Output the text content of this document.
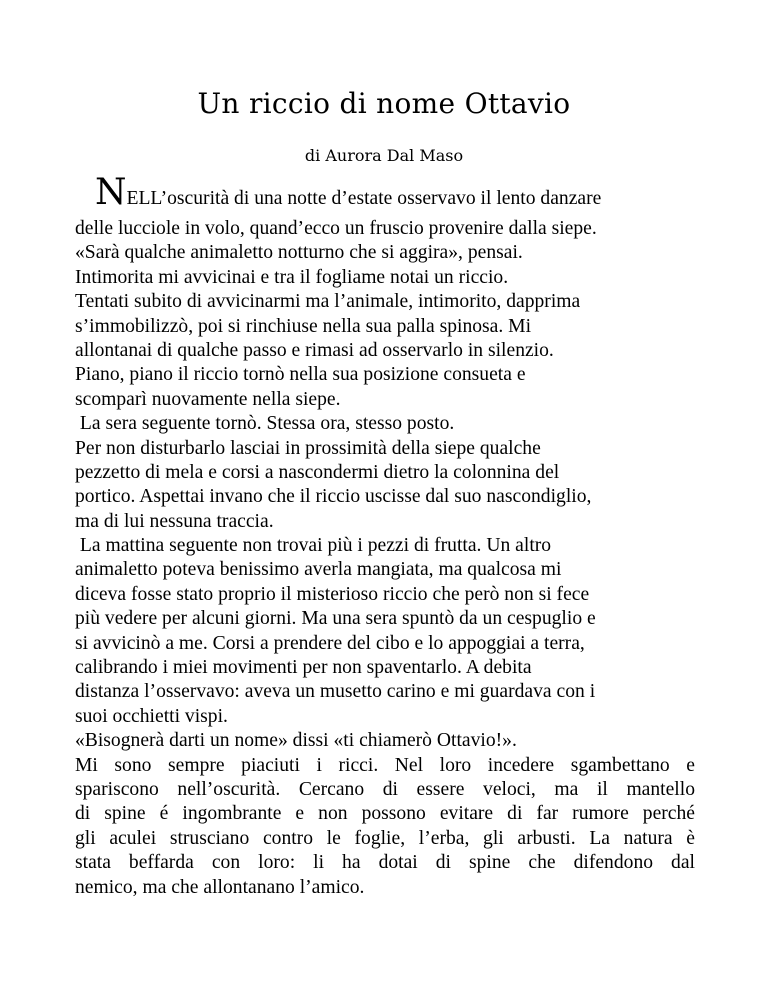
Un riccio di nome Ottavio
di Aurora Dal Maso
NELL’oscurità di una notte d’estate osservavo il lento danzare
delle lucciole in volo, quand’ecco un fruscio provenire dalla siepe.
«Sarà qualche animaletto notturno che si aggira», pensai.
Intimorita mi avvicinai e tra il fogliame notai un riccio.
Tentati subito di avvicinarmi ma l’animale, intimorito, dapprima
s’immobilizzò, poi si rinchiuse nella sua palla spinosa. Mi
allontanai di qualche passo e rimasi ad osservarlo in silenzio.
Piano, piano il riccio tornò nella sua posizione consueta e
scomparì nuovamente nella siepe.
La sera seguente tornò. Stessa ora, stesso posto.
Per non disturbarlo lasciai in prossimità della siepe qualche
pezzetto di mela e corsi a nascondermi dietro la colonnina del
portico. Aspettai invano che il riccio uscisse dal suo nascondiglio,
ma di lui nessuna traccia.
La mattina seguente non trovai più i pezzi di frutta. Un altro
animaletto poteva benissimo averla mangiata, ma qualcosa mi
diceva fosse stato proprio il misterioso riccio che però non si fece
più vedere per alcuni giorni. Ma una sera spuntò da un cespuglio e
si avvicinò a me. Corsi a prendere del cibo e lo appoggiai a terra,
calibrando i miei movimenti per non spaventarlo. A debita
distanza l’osservavo: aveva un musetto carino e mi guardava con i
suoi occhietti vispi.
«Bisognerà darti un nome» dissi «ti chiamerò Ottavio!».
Mi sono sempre piaciuti i ricci. Nel loro incedere sgambettano e
spariscono nell’oscurità. Cercano di essere veloci, ma il mantello
di spine é ingombrante e non possono evitare di far rumore perché
gli aculei strusciano contro le foglie, l’erba, gli arbusti. La natura è
stata beffarda con loro: li ha dotai di spine che difendono dal
nemico, ma che allontanano l’amico.
